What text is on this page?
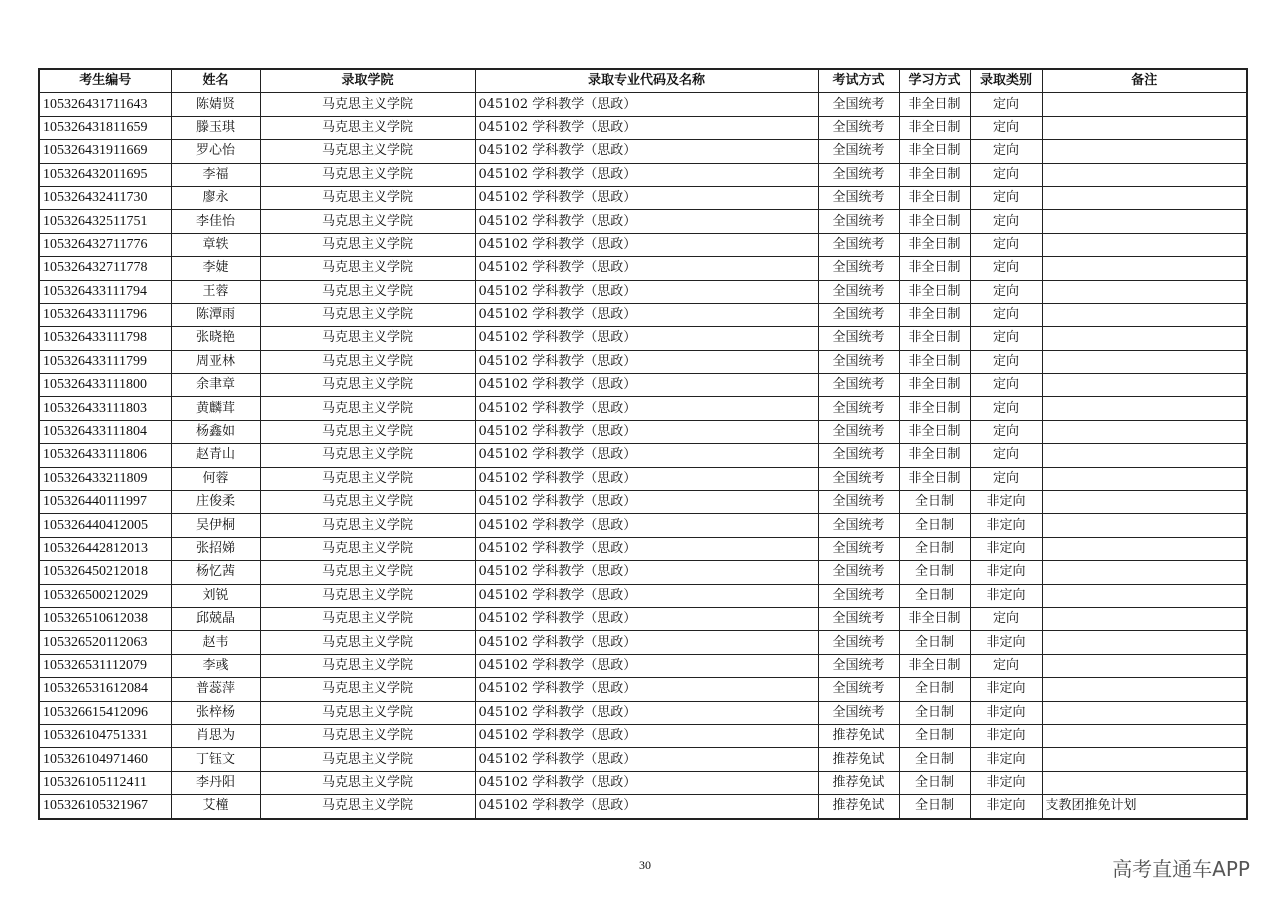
考生编号	姓名	录取学院	录取专业代码及名称	考试方式	学习方式	录取类别	备注
105326431711643	陈婧贤	马克思主义学院	045102 学科教学（思政）	全国统考	非全日制	定向	
105326431811659	滕玉琪	马克思主义学院	045102 学科教学（思政）	全国统考	非全日制	定向	
105326431911669	罗心怡	马克思主义学院	045102 学科教学（思政）	全国统考	非全日制	定向	
105326432011695	李福	马克思主义学院	045102 学科教学（思政）	全国统考	非全日制	定向	
105326432411730	廖永	马克思主义学院	045102 学科教学（思政）	全国统考	非全日制	定向	
105326432511751	李佳怡	马克思主义学院	045102 学科教学（思政）	全国统考	非全日制	定向	
105326432711776	章轶	马克思主义学院	045102 学科教学（思政）	全国统考	非全日制	定向	
105326432711778	李婕	马克思主义学院	045102 学科教学（思政）	全国统考	非全日制	定向	
105326433111794	王蓉	马克思主义学院	045102 学科教学（思政）	全国统考	非全日制	定向	
105326433111796	陈潭雨	马克思主义学院	045102 学科教学（思政）	全国统考	非全日制	定向	
105326433111798	张晓艳	马克思主义学院	045102 学科教学（思政）	全国统考	非全日制	定向	
105326433111799	周亚林	马克思主义学院	045102 学科教学（思政）	全国统考	非全日制	定向	
105326433111800	余聿章	马克思主义学院	045102 学科教学（思政）	全国统考	非全日制	定向	
105326433111803	黄麟茸	马克思主义学院	045102 学科教学（思政）	全国统考	非全日制	定向	
105326433111804	杨鑫如	马克思主义学院	045102 学科教学（思政）	全国统考	非全日制	定向	
105326433111806	赵青山	马克思主义学院	045102 学科教学（思政）	全国统考	非全日制	定向	
105326433211809	何蓉	马克思主义学院	045102 学科教学（思政）	全国统考	非全日制	定向	
105326440111997	庄俊柔	马克思主义学院	045102 学科教学（思政）	全国统考	全日制	非定向	
105326440412005	吴伊桐	马克思主义学院	045102 学科教学（思政）	全国统考	全日制	非定向	
105326442812013	张招娣	马克思主义学院	045102 学科教学（思政）	全国统考	全日制	非定向	
105326450212018	杨忆茜	马克思主义学院	045102 学科教学（思政）	全国统考	全日制	非定向	
105326500212029	刘锐	马克思主义学院	045102 学科教学（思政）	全国统考	全日制	非定向	
105326510612038	邱兢晶	马克思主义学院	045102 学科教学（思政）	全国统考	非全日制	定向	
105326520112063	赵韦	马克思主义学院	045102 学科教学（思政）	全国统考	全日制	非定向	
105326531112079	李彧	马克思主义学院	045102 学科教学（思政）	全国统考	非全日制	定向	
105326531612084	普蕊萍	马克思主义学院	045102 学科教学（思政）	全国统考	全日制	非定向	
105326615412096	张梓杨	马克思主义学院	045102 学科教学（思政）	全国统考	全日制	非定向	
105326104751331	肖思为	马克思主义学院	045102 学科教学（思政）	推荐免试	全日制	非定向	
105326104971460	丁钰文	马克思主义学院	045102 学科教学（思政）	推荐免试	全日制	非定向	
105326105112411	李丹阳	马克思主义学院	045102 学科教学（思政）	推荐免试	全日制	非定向	
105326105321967	艾橦	马克思主义学院	045102 学科教学（思政）	推荐免试	全日制	非定向	支教团推免计划
30	高考直通车APP
